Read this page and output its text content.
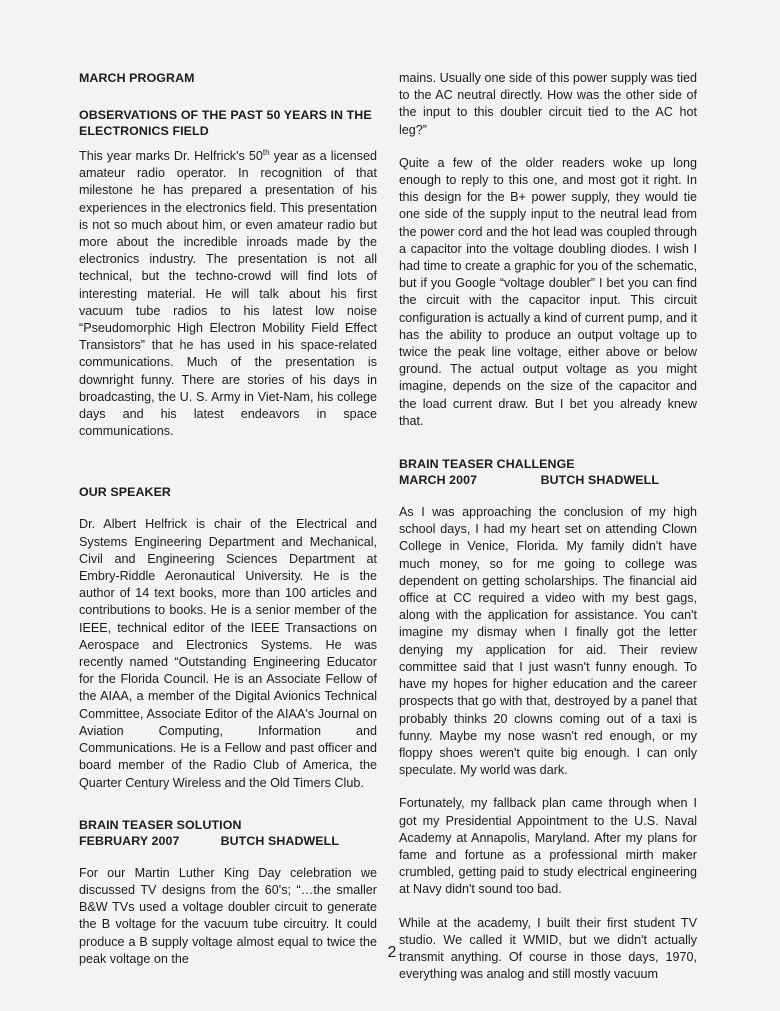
MARCH PROGRAM
OBSERVATIONS OF THE PAST 50 YEARS IN THE ELECTRONICS FIELD

This year marks Dr. Helfrick's 50th year as a licensed amateur radio operator. In recognition of that milestone he has prepared a presentation of his experiences in the electronics field. This presentation is not so much about him, or even amateur radio but more about the incredible inroads made by the electronics industry. The presentation is not all technical, but the techno-crowd will find lots of interesting material. He will talk about his first vacuum tube radios to his latest low noise “Pseudomorphic High Electron Mobility Field Effect Transistors” that he has used in his space-related communications. Much of the presentation is downright funny. There are stories of his days in broadcasting, the U. S. Army in Viet-Nam, his college days and his latest endeavors in space communications.

OUR SPEAKER

Dr. Albert Helfrick is chair of the Electrical and Systems Engineering Department and Mechanical, Civil and Engineering Sciences Department at Embry-Riddle Aeronautical University. He is the author of 14 text books, more than 100 articles and contributions to books. He is a senior member of the IEEE, technical editor of the IEEE Transactions on Aerospace and Electronics Systems. He was recently named “Outstanding Engineering Educator for the Florida Council. He is an Associate Fellow of the AIAA, a member of the Digital Avionics Technical Committee, Associate Editor of the AIAA's Journal on Aviation Computing, Information and Communications. He is a Fellow and past officer and board member of the Radio Club of America, the Quarter Century Wireless and the Old Timers Club.

BRAIN TEASER SOLUTION
FEBRUARY 2007	BUTCH SHADWELL

For our Martin Luther King Day celebration we discussed TV designs from the 60's; “…the smaller B&W TVs used a voltage doubler circuit to generate the B voltage for the vacuum tube circuitry. It could produce a B supply voltage almost equal to twice the peak voltage on the

mains. Usually one side of this power supply was tied to the AC neutral directly. How was the other side of the input to this doubler circuit tied to the AC hot leg?”

Quite a few of the older readers woke up long enough to reply to this one, and most got it right. In this design for the B+ power supply, they would tie one side of the supply input to the neutral lead from the power cord and the hot lead was coupled through a capacitor into the voltage doubling diodes. I wish I had time to create a graphic for you of the schematic, but if you Google “voltage doubler” I bet you can find the circuit with the capacitor input. This circuit configuration is actually a kind of current pump, and it has the ability to produce an output voltage up to twice the peak line voltage, either above or below ground. The actual output voltage as you might imagine, depends on the size of the capacitor and the load current draw. But I bet you already knew that.

BRAIN TEASER CHALLENGE
MARCH 2007	BUTCH SHADWELL

As I was approaching the conclusion of my high school days, I had my heart set on attending Clown College in Venice, Florida. My family didn't have much money, so for me going to college was dependent on getting scholarships. The financial aid office at CC required a video with my best gags, along with the application for assistance. You can't imagine my dismay when I finally got the letter denying my application for aid. Their review committee said that I just wasn't funny enough. To have my hopes for higher education and the career prospects that go with that, destroyed by a panel that probably thinks 20 clowns coming out of a taxi is funny. Maybe my nose wasn't red enough, or my floppy shoes weren't quite big enough. I can only speculate. My world was dark.

Fortunately, my fallback plan came through when I got my Presidential Appointment to the U.S. Naval Academy at Annapolis, Maryland. After my plans for fame and fortune as a professional mirth maker crumbled, getting paid to study electrical engineering at Navy didn't sound too bad.

While at the academy, I built their first student TV studio. We called it WMID, but we didn't actually transmit anything. Of course in those days, 1970, everything was analog and still mostly vacuum

2
